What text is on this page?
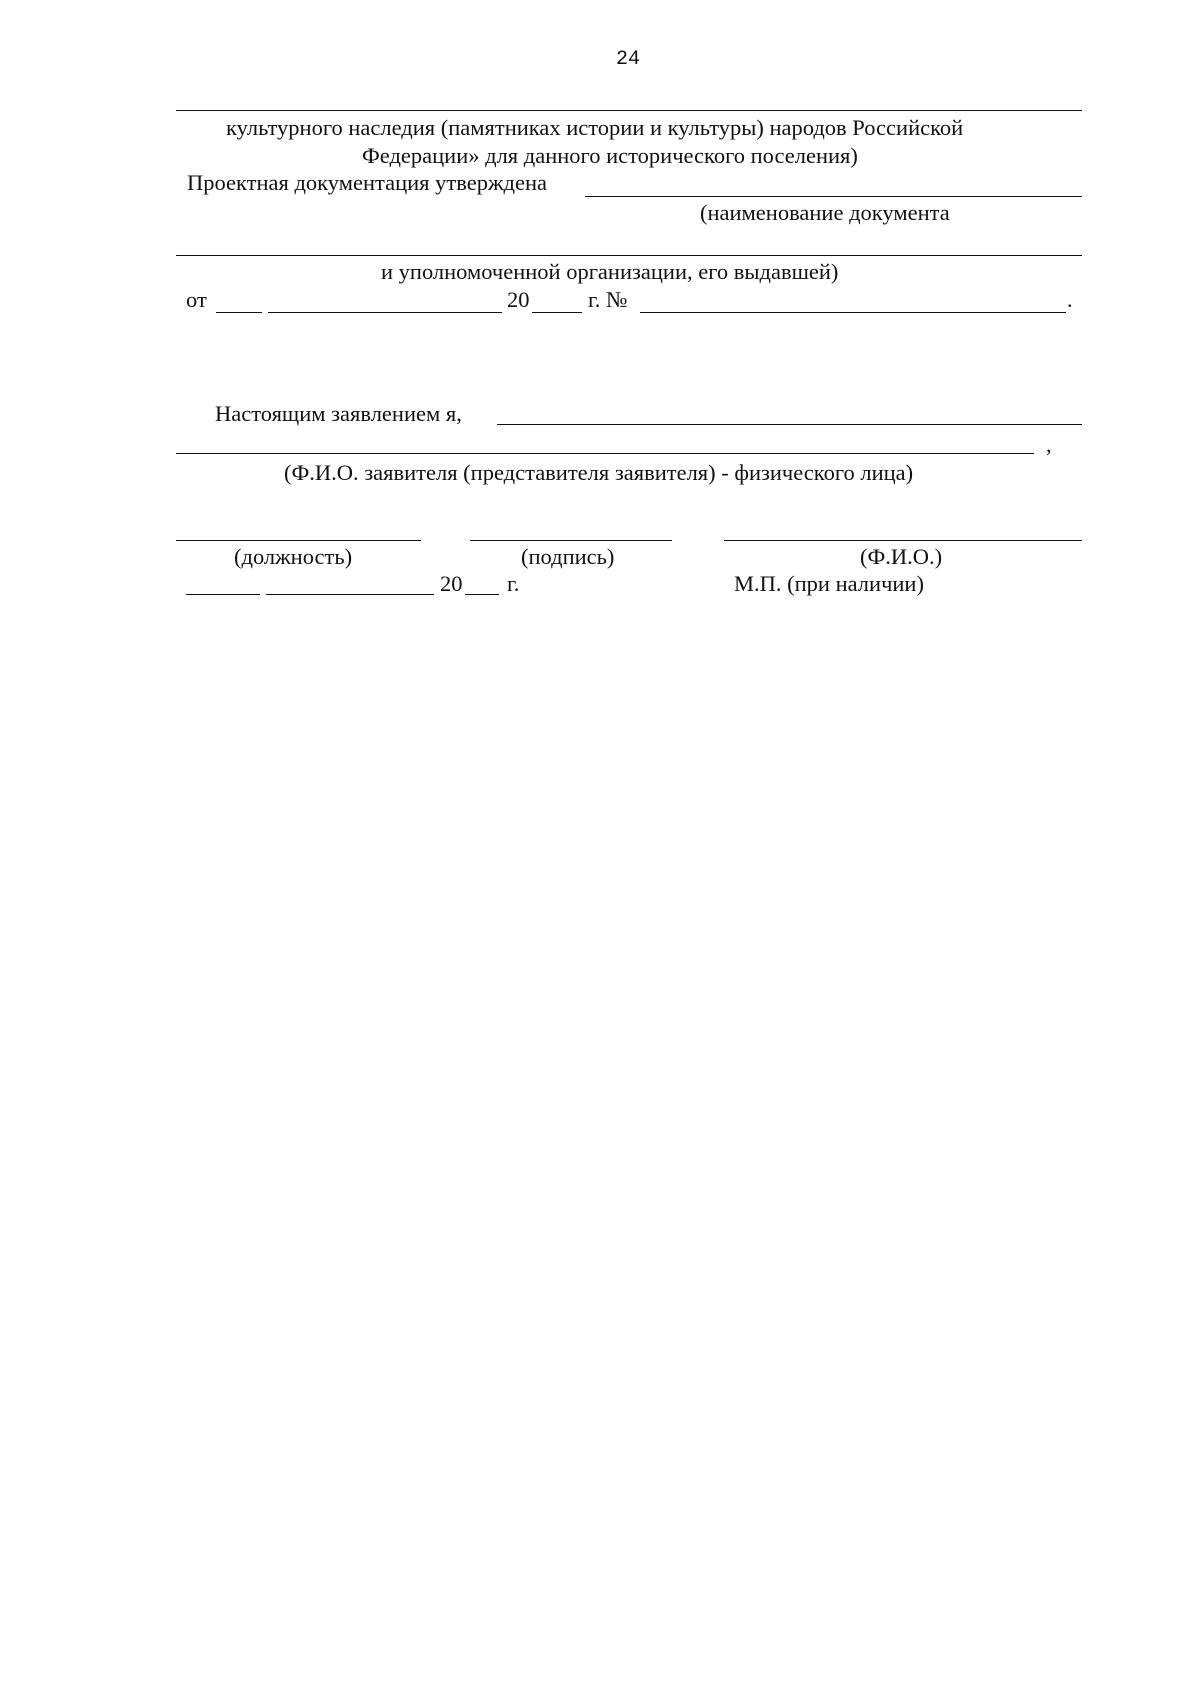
24
культурного наследия (памятниках истории и культуры) народов Российской
Федерации» для данного исторического поселения)
Проектная документация утверждена
(наименование документа
и уполномоченной организации, его выдавшей)
от	20	г. №	.
Настоящим заявлением я,
,
(Ф.И.О. заявителя (представителя заявителя) - физического лица)
(должность)	(подпись)	(Ф.И.О.)
20 г.	М.П. (при наличии)
